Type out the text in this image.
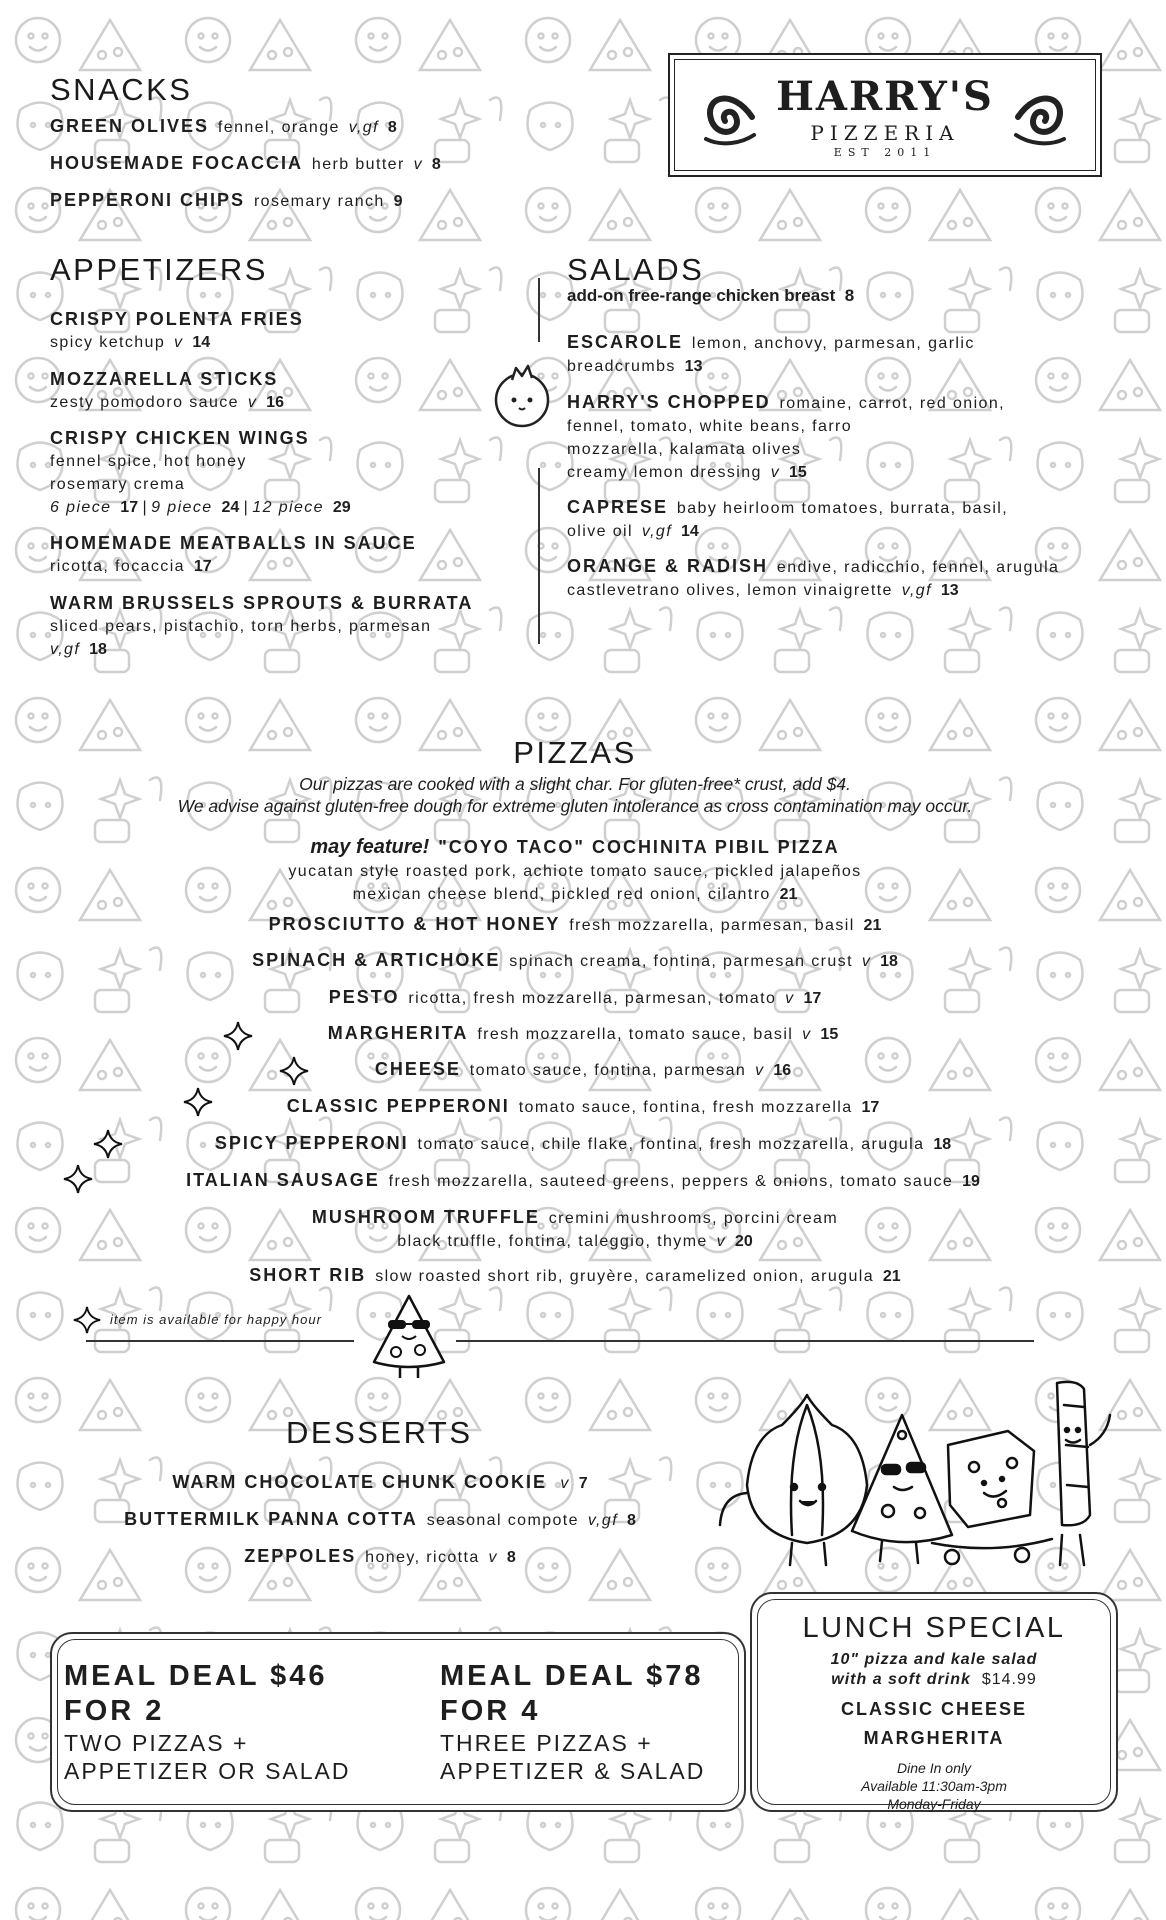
SNACKS
GREEN OLIVES fennel, orange v,gf 8
HOUSEMADE FOCACCIA herb butter v 8
PEPPERONI CHIPS rosemary ranch 9
HARRY'S
PIZZERIA
EST 2011
APPETIZERS
CRISPY POLENTA FRIES
spicy ketchup v 14
MOZZARELLA STICKS
zesty pomodoro sauce v 16
CRISPY CHICKEN WINGS
fennel spice, hot honey
rosemary crema
6 piece 17 | 9 piece 24 | 12 piece 29
HOMEMADE MEATBALLS IN SAUCE
ricotta, focaccia 17
WARM BRUSSELS SPROUTS & BURRATA
sliced pears, pistachio, torn herbs, parmesan
v,gf 18
SALADS
add-on free-range chicken breast 8
ESCAROLE lemon, anchovy, parmesan, garlic
breadcrumbs 13
HARRY'S CHOPPED romaine, carrot, red onion,
fennel, tomato, white beans, farro
mozzarella, kalamata olives
creamy lemon dressing v 15
CAPRESE baby heirloom tomatoes, burrata, basil,
olive oil v,gf 14
ORANGE & RADISH endive, radicchio, fennel, arugula
castlevetrano olives, lemon vinaigrette v,gf 13
PIZZAS
Our pizzas are cooked with a slight char. For gluten-free* crust, add $4.
We advise against gluten-free dough for extreme gluten intolerance as cross contamination may occur.
may feature! "COYO TACO" COCHINITA PIBIL PIZZA
yucatan style roasted pork, achiote tomato sauce, pickled jalapeños
mexican cheese blend, pickled red onion, cilantro 21
PROSCIUTTO & HOT HONEY fresh mozzarella, parmesan, basil 21
SPINACH & ARTICHOKE spinach creama, fontina, parmesan crust v 18
PESTO ricotta, fresh mozzarella, parmesan, tomato v 17
MARGHERITA fresh mozzarella, tomato sauce, basil v 15
CHEESE tomato sauce, fontina, parmesan v 16
CLASSIC PEPPERONI tomato sauce, fontina, fresh mozzarella 17
SPICY PEPPERONI tomato sauce, chile flake, fontina, fresh mozzarella, arugula 18
ITALIAN SAUSAGE fresh mozzarella, sauteed greens, peppers & onions, tomato sauce 19
MUSHROOM TRUFFLE cremini mushrooms, porcini cream
black truffle, fontina, taleggio, thyme v 20
SHORT RIB slow roasted short rib, gruyère, caramelized onion, arugula 21
item is available for happy hour
DESSERTS
WARM CHOCOLATE CHUNK COOKIE v 7
BUTTERMILK PANNA COTTA seasonal compote v,gf 8
ZEPPOLES honey, ricotta v 8
MEAL DEAL $46
FOR 2
TWO PIZZAS +
APPETIZER OR SALAD
MEAL DEAL $78
FOR 4
THREE PIZZAS +
APPETIZER & SALAD
LUNCH SPECIAL
10" pizza and kale salad
with a soft drink $14.99
CLASSIC CHEESE
MARGHERITA
Dine In only
Available 11:30am-3pm
Monday-Friday
